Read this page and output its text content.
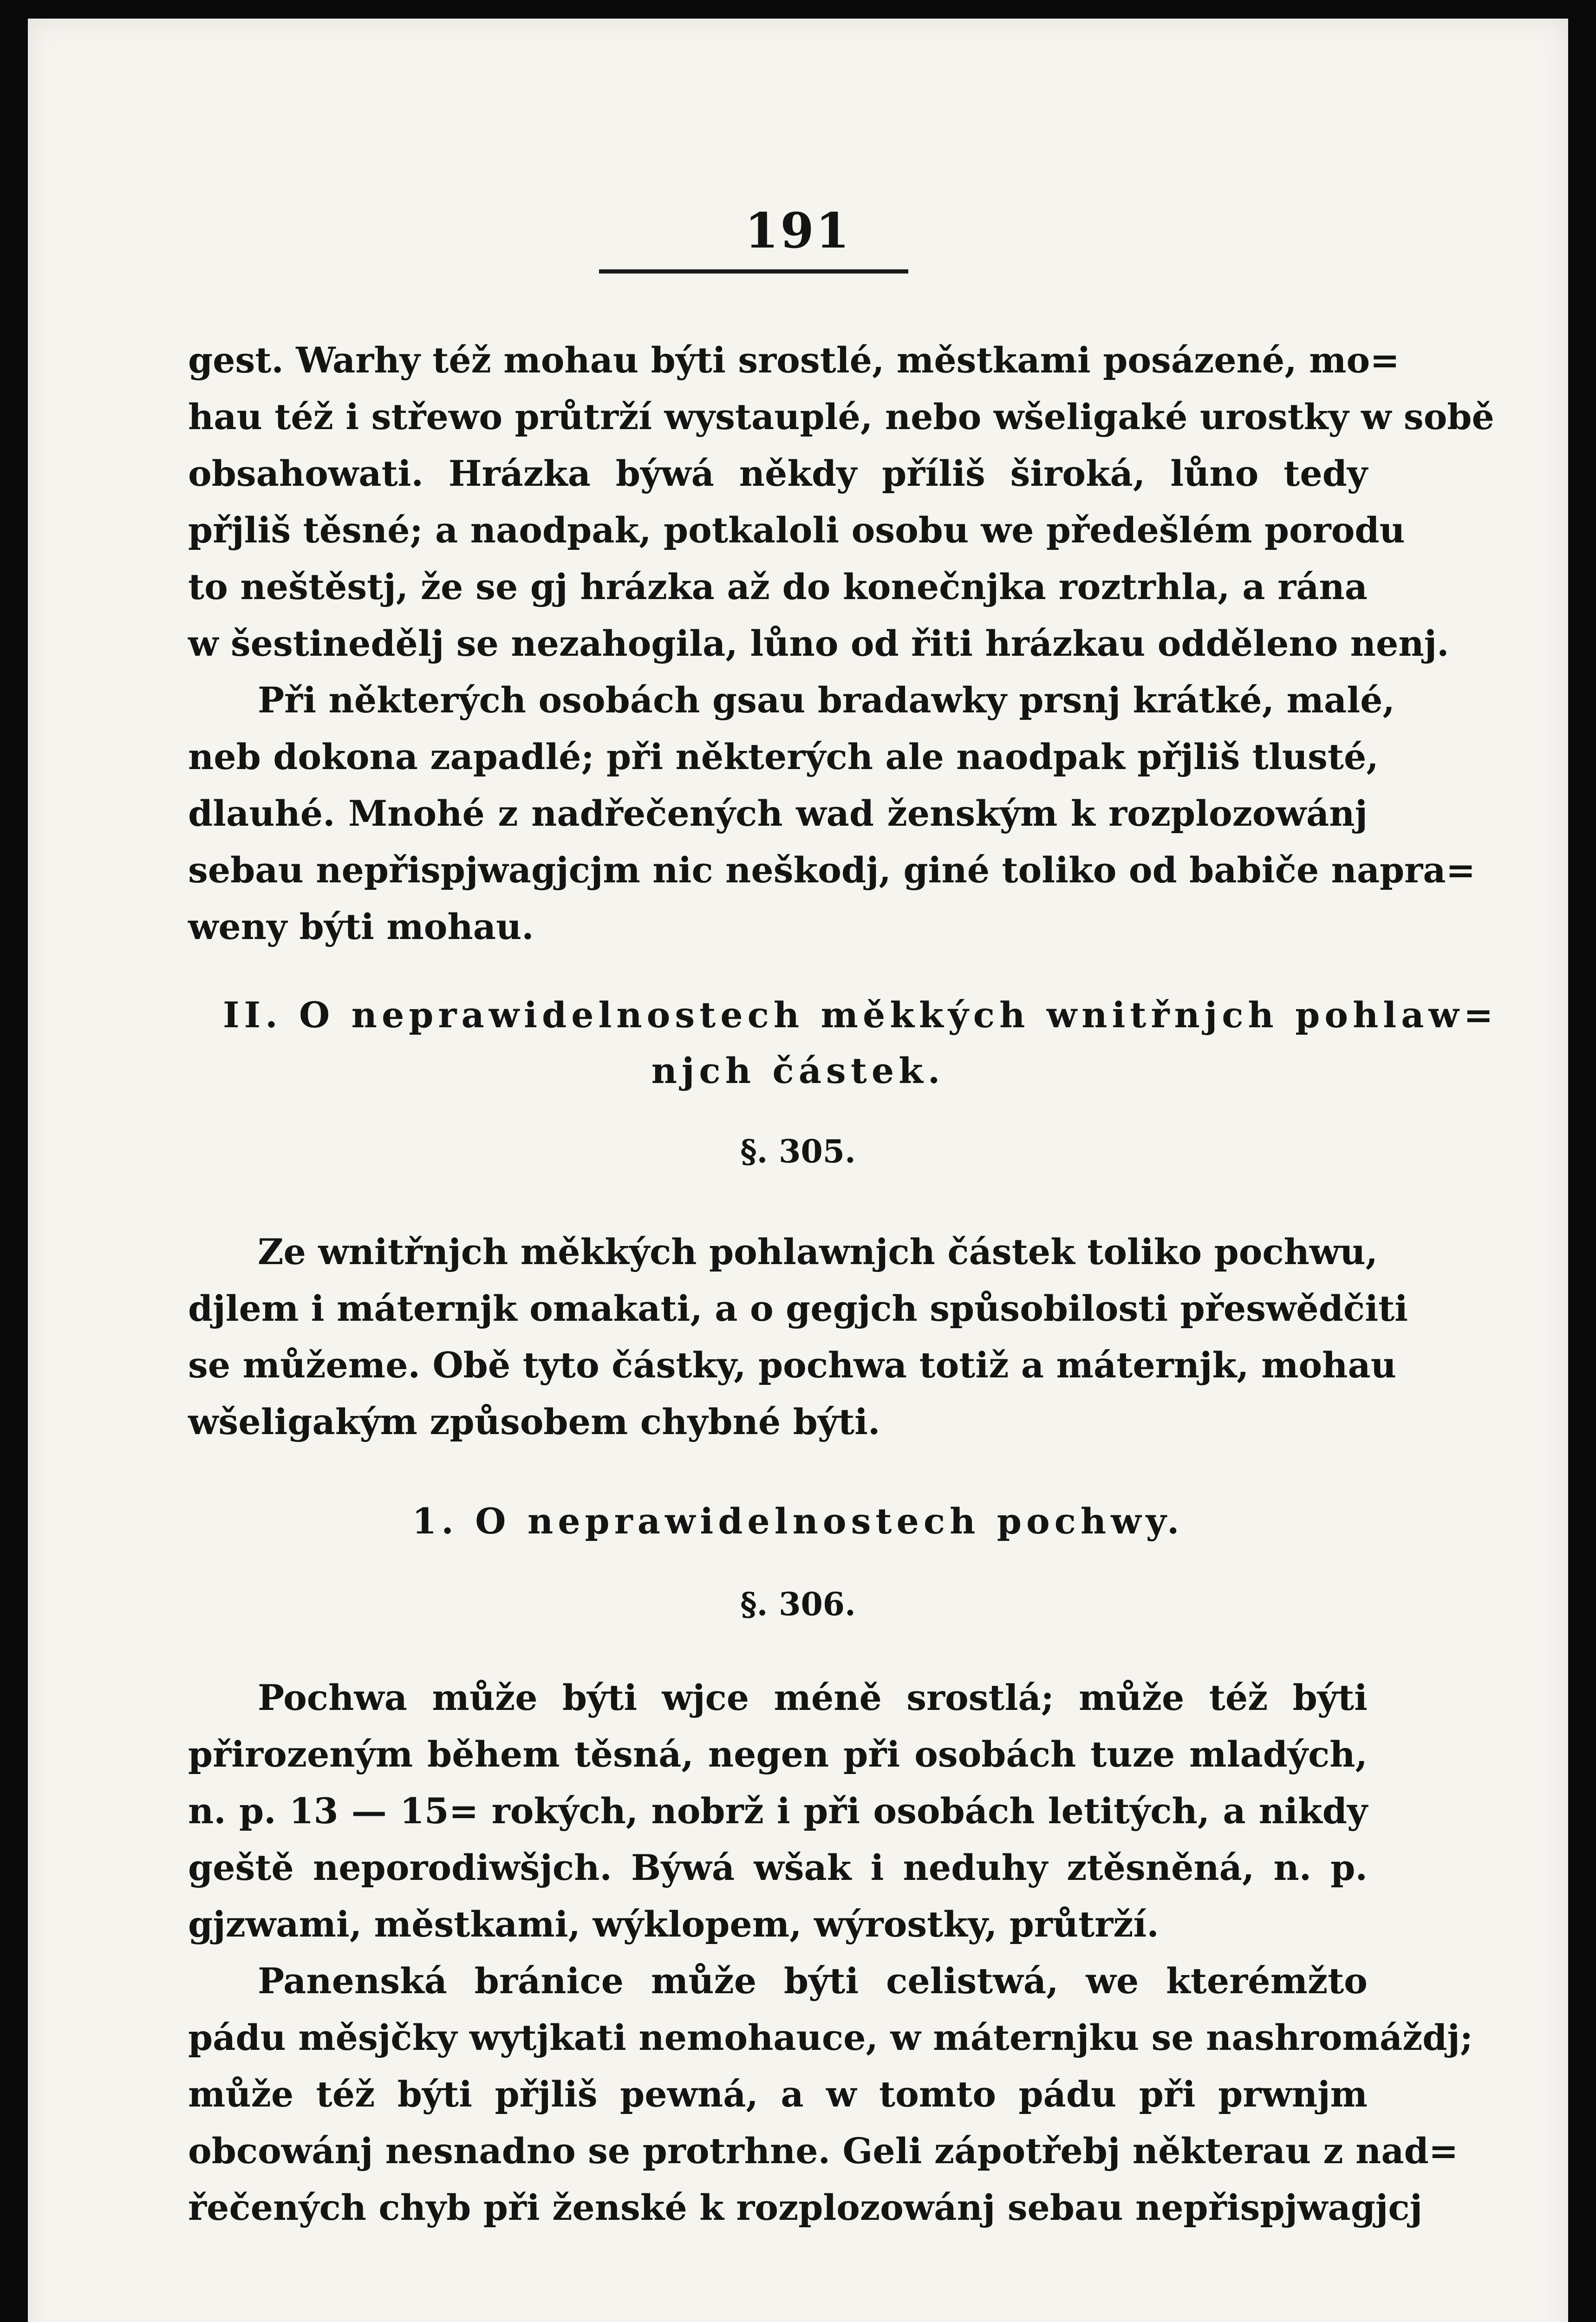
191
gest. Warhy též mohau býti srostlé, městkami posázené, mo=
hau též i střewo průtrží wystauplé, nebo wšeligaké urostky w sobě
obsahowati. Hrázka býwá někdy příliš široká, lůno tedy
přjliš těsné; a naodpak, potkaloli osobu we předešlém porodu
to neštěstj, že se gj hrázka až do konečnjka roztrhla, a rána
w šestinedělj se nezahogila, lůno od řiti hrázkau odděleno nenj.
Při některých osobách gsau bradawky prsnj krátké, malé,
neb dokona zapadlé; při některých ale naodpak přjliš tlusté,
dlauhé. Mnohé z nadřečených wad ženským k rozplozowánj
sebau nepřispjwagjcjm nic neškodj, giné toliko od babiče napra=
weny býti mohau.
II. O neprawidelnostech měkkých wnitřnjch pohlaw=
njch částek.
§. 305.
Ze wnitřnjch měkkých pohlawnjch částek toliko pochwu,
djlem i máternjk omakati, a o gegjch spůsobilosti přeswědčiti
se můžeme. Obě tyto částky, pochwa totiž a máternjk, mohau
wšeligakým způsobem chybné býti.
1. O neprawidelnostech pochwy.
§. 306.
Pochwa může býti wjce méně srostlá; může též býti
přirozeným během těsná, negen při osobách tuze mladých,
n. p. 13 — 15= rokých, nobrž i při osobách letitých, a nikdy
geště neporodiwšjch. Býwá wšak i neduhy ztěsněná, n. p.
gjzwami, městkami, wýklopem, wýrostky, průtrží.
Panenská bránice může býti celistwá, we kterémžto
pádu měsjčky wytjkati nemohauce, w máternjku se nashromáždj;
může též býti přjliš pewná, a w tomto pádu při prwnjm
obcowánj nesnadno se protrhne. Geli zápotřebj některau z nad=
řečených chyb při ženské k rozplozowánj sebau nepřispjwagjcj
